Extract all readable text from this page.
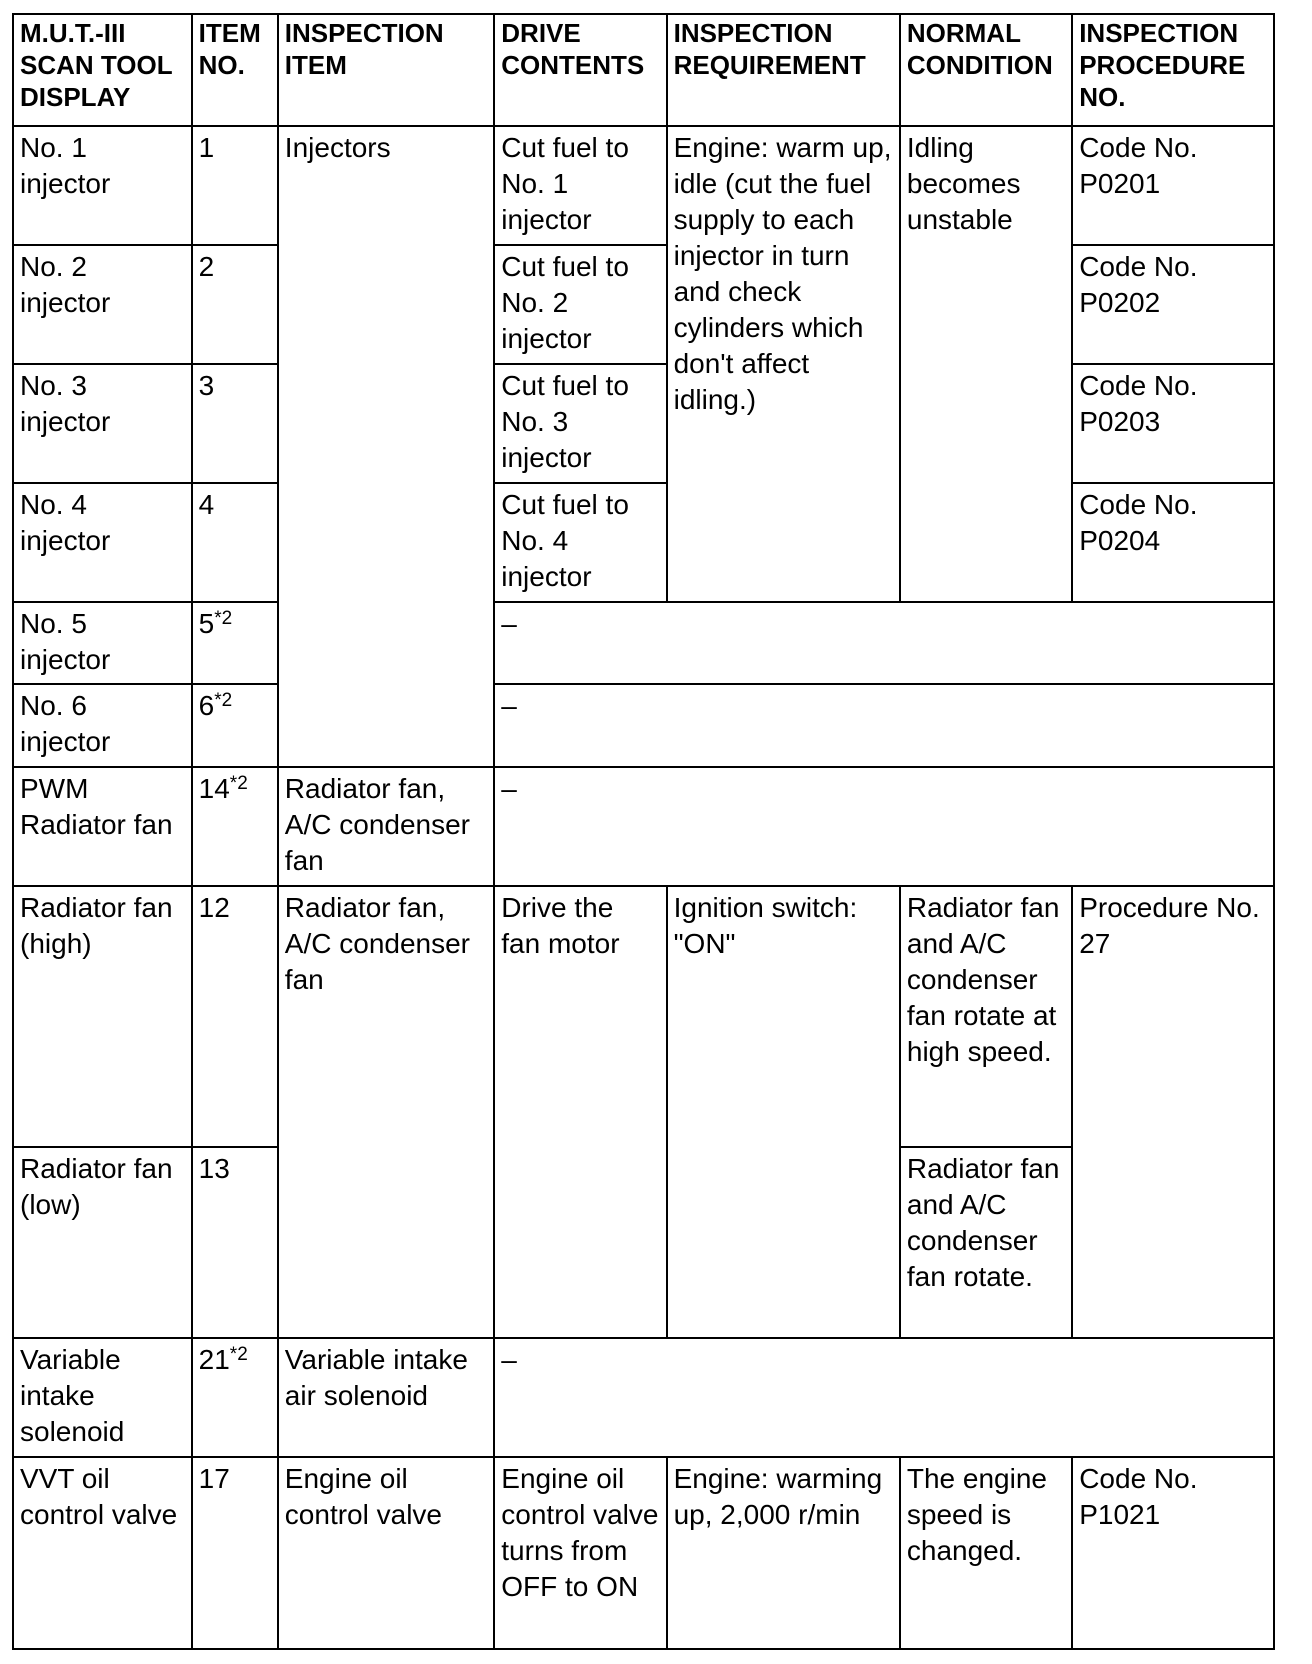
M.U.T.-III SCAN TOOL DISPLAY	ITEM NO.	INSPECTION ITEM	DRIVE CONTENTS	INSPECTION REQUIREMENT	NORMAL CONDITION	INSPECTION PROCEDURE NO.
No. 1 injector	1	Injectors	Cut fuel to No. 1 injector	Engine: warm up, idle (cut the fuel supply to each injector in turn and check cylinders which don't affect idling.)	Idling becomes unstable	Code No. P0201
No. 2 injector	2		Cut fuel to No. 2 injector			Code No. P0202
No. 3 injector	3		Cut fuel to No. 3 injector			Code No. P0203
No. 4 injector	4		Cut fuel to No. 4 injector			Code No. P0204
No. 5 injector	5$^{*2}$		–			
No. 6 injector	6$^{*2}$		–			
PWM Radiator fan	14$^{*2}$	Radiator fan, A/C condenser fan	–			
Radiator fan (high)	12	Radiator fan, A/C condenser fan	Drive the fan motor	Ignition switch: "ON"	Radiator fan and A/C condenser fan rotate at high speed.	Procedure No. 27
Radiator fan (low)	13				Radiator fan and A/C condenser fan rotate.	
Variable intake solenoid	21$^{*2}$	Variable intake air solenoid	–			
VVT oil control valve	17	Engine oil control valve	Engine oil control valve turns from OFF to ON	Engine: warming up, 2,000 r/min	The engine speed is changed.	Code No. P1021
